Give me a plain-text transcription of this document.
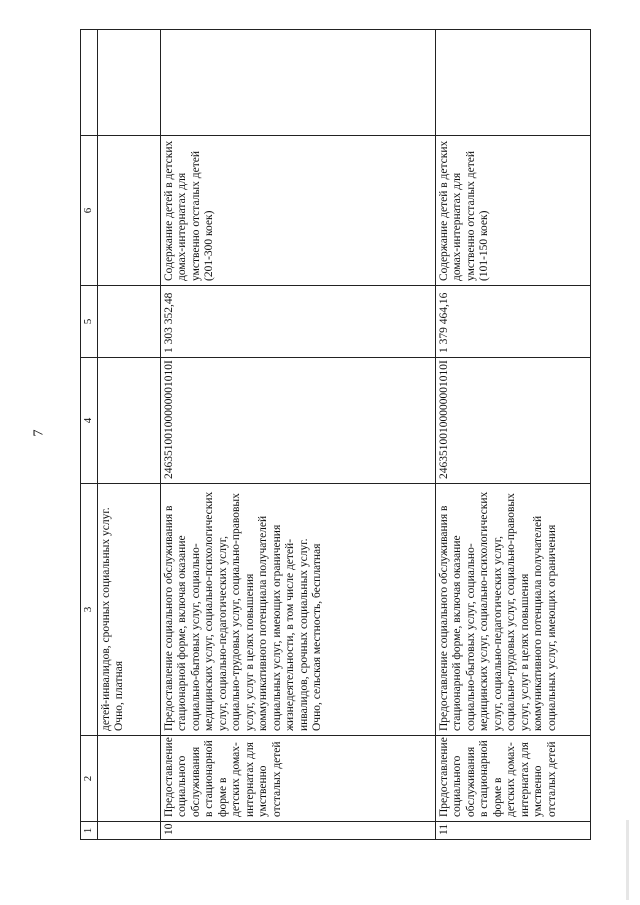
7
1	2	3	4	5	6	
		детей-инвалидов, срочных социальных услуг.
Очно, платная				
10	Предоставление социального обслуживания в стационарной форме в детских домах-интернатах для умственно отсталых детей	Предоставление социального обслуживания в стационарной форме, включая оказание социально-бытовых услуг, социально-медицинских услуг, социально-психологических услуг, социально-педагогических услуг, социально-трудовых услуг, социально-правовых услуг, услуг в целях повышения коммуникативного потенциала получателей социальных услуг, имеющих ограничения жизнедеятельности, в том числе детей-инвалидов, срочных социальных услуг.
Очно, сельская местность, бесплатная	24635100100000001010I	1 303 352,48	Содержание детей в детских домах-интернатах для умственно отсталых детей (201-300 коек)	
11	Предоставление социального обслуживания в стационарной форме в детских домах-интернатах для умственно отсталых детей	Предоставление социального обслуживания в стационарной форме, включая оказание социально-бытовых услуг, социально-медицинских услуг, социально-психологических услуг, социально-педагогических услуг, социально-трудовых услуг, социально-правовых услуг, услуг в целях повышения коммуникативного потенциала получателей социальных услуг, имеющих ограничения	24635100100000001010I	1 379 464,16	Содержание детей в детских домах-интернатах для умственно отсталых детей (101-150 коек)	
